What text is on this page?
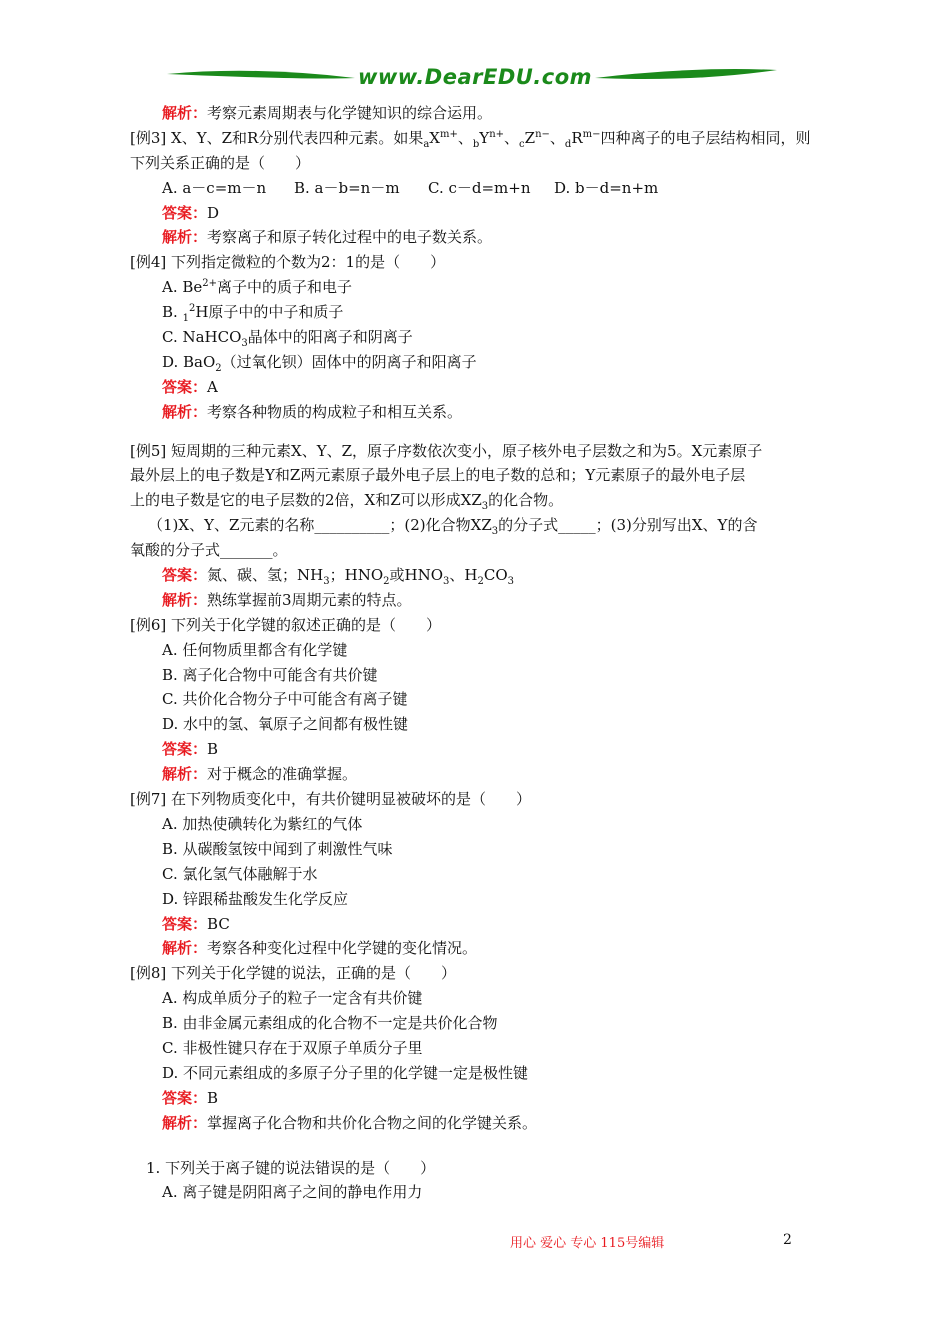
www.DearEDU.com
解析：考察元素周期表与化学键知识的综合运用。
[例3] X、Y、Z和R分别代表四种元素。如果$_aX^{m+}$、$_bY^{n+}$、$_cZ^{n-}$、$_dR^{m-}$四种离子的电子层结构相同，则
下列关系正确的是（　　）
A. a－c=m－n B. a－b=n－m C. c－d=m+n D. b－d=n+m
答案：D
解析：考察离子和原子转化过程中的电子数关系。
[例4] 下列指定微粒的个数为2：1的是（　　）
A. $Be^{2+}$离子中的质子和电子
B. $_1^2$H原子中的中子和质子
C. NaHCO$_3$晶体中的阳离子和阴离子
D. BaO$_2$（过氧化钡）固体中的阴离子和阳离子
答案：A
解析：考察各种物质的构成粒子和相互关系。
[例5] 短周期的三种元素X、Y、Z，原子序数依次变小，原子核外电子层数之和为5。X元素原子
最外层上的电子数是Y和Z两元素原子最外电子层上的电子数的总和；Y元素原子的最外电子层
上的电子数是它的电子层数的2倍，X和Z可以形成$XZ_3$的化合物。
（1)X、Y、Z元素的名称__________；(2)化合物$XZ_3$的分子式_____；(3)分别写出X、Y的含
氧酸的分子式_______。
答案：氮、碳、氢；$NH_3$；$HNO_2$或$HNO_3$、$H_2CO_3$
解析：熟练掌握前3周期元素的特点。
[例6] 下列关于化学键的叙述正确的是（　　）
A. 任何物质里都含有化学键
B. 离子化合物中可能含有共价键
C. 共价化合物分子中可能含有离子键
D. 水中的氢、氧原子之间都有极性键
答案：B
解析：对于概念的准确掌握。
[例7] 在下列物质变化中，有共价键明显被破坏的是（　　）
A. 加热使碘转化为紫红的气体
B. 从碳酸氢铵中闻到了刺激性气味
C. 氯化氢气体融解于水
D. 锌跟稀盐酸发生化学反应
答案：BC
解析：考察各种变化过程中化学键的变化情况。
[例8] 下列关于化学键的说法，正确的是（　　）
A. 构成单质分子的粒子一定含有共价键
B. 由非金属元素组成的化合物不一定是共价化合物
C. 非极性键只存在于双原子单质分子里
D. 不同元素组成的多原子分子里的化学键一定是极性键
答案：B
解析：掌握离子化合物和共价化合物之间的化学键关系。
1. 下列关于离子键的说法错误的是（　　）
A. 离子键是阴阳离子之间的静电作用力
用心 爱心 专心 115号编辑	2
